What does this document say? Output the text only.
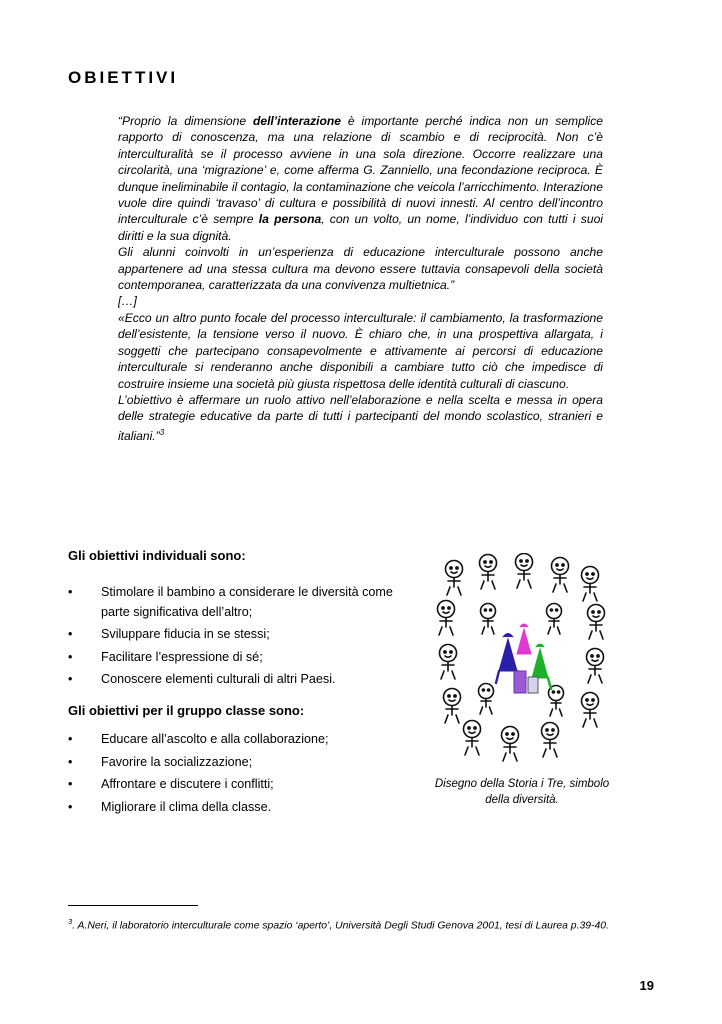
OBIETTIVI

“Proprio la dimensione dell’interazione è importante perché indica non un semplice rapporto di conoscenza, ma una relazione di scambio e di reciprocità. Non c’è interculturalità se il processo avviene in una sola direzione. Occorre realizzare una circolarità, una ‘migrazione’ e, come afferma G. Zanniello, una fecondazione reciproca. È dunque ineliminabile il contagio, la contaminazione che veicola l’arricchimento. Interazione vuole dire quindi ‘travaso’ di cultura e possibilità di nuovi innesti. Al centro dell’incontro interculturale c’è sempre la persona, con un volto, un nome, l’individuo con tutti i suoi diritti e la sua dignità.

Gli alunni coinvolti in un’esperienza di educazione interculturale possono anche appartenere ad una stessa cultura ma devono essere tuttavia consapevoli della società contemporanea, caratterizzata da una convivenza multietnica.”

[…]

«Ecco un altro punto focale del processo interculturale: il cambiamento, la trasformazione dell’esistente, la tensione verso il nuovo. È chiaro che, in una prospettiva allargata, i soggetti che partecipano consapevolmente e attivamente ai percorsi di educazione interculturale si renderanno anche disponibili a cambiare tutto ciò che impedisce di costruire insieme una società più giusta rispettosa delle identità culturali di ciascuno.

L’obiettivo è affermare un ruolo attivo nell’elaborazione e nella scelta e messa in opera delle strategie educative da parte di tutti i partecipanti del mondo scolastico, stranieri e italiani.”$^3$

Gli obiettivi individuali sono:
•	Stimolare il bambino a considerare le diversità come parte significativa dell’altro;
•	Sviluppare fiducia in se stessi;
•	Facilitare l’espressione di sé;
•	Conoscere elementi culturali di altri Paesi.
Gli obiettivi per il gruppo classe sono:
•	Educare all’ascolto e alla collaborazione;
•	Favorire la socializzazione;
•	Affrontare e discutere i conflitti;
•	Migliorare il clima della classe.
Disegno della Storia i Tre, simbolo della diversità.
$^3$. A.Neri, il laboratorio interculturale come spazio ‘aperto’, Università Degli Studi Genova 2001, tesi di Laurea p.39-40.
19
